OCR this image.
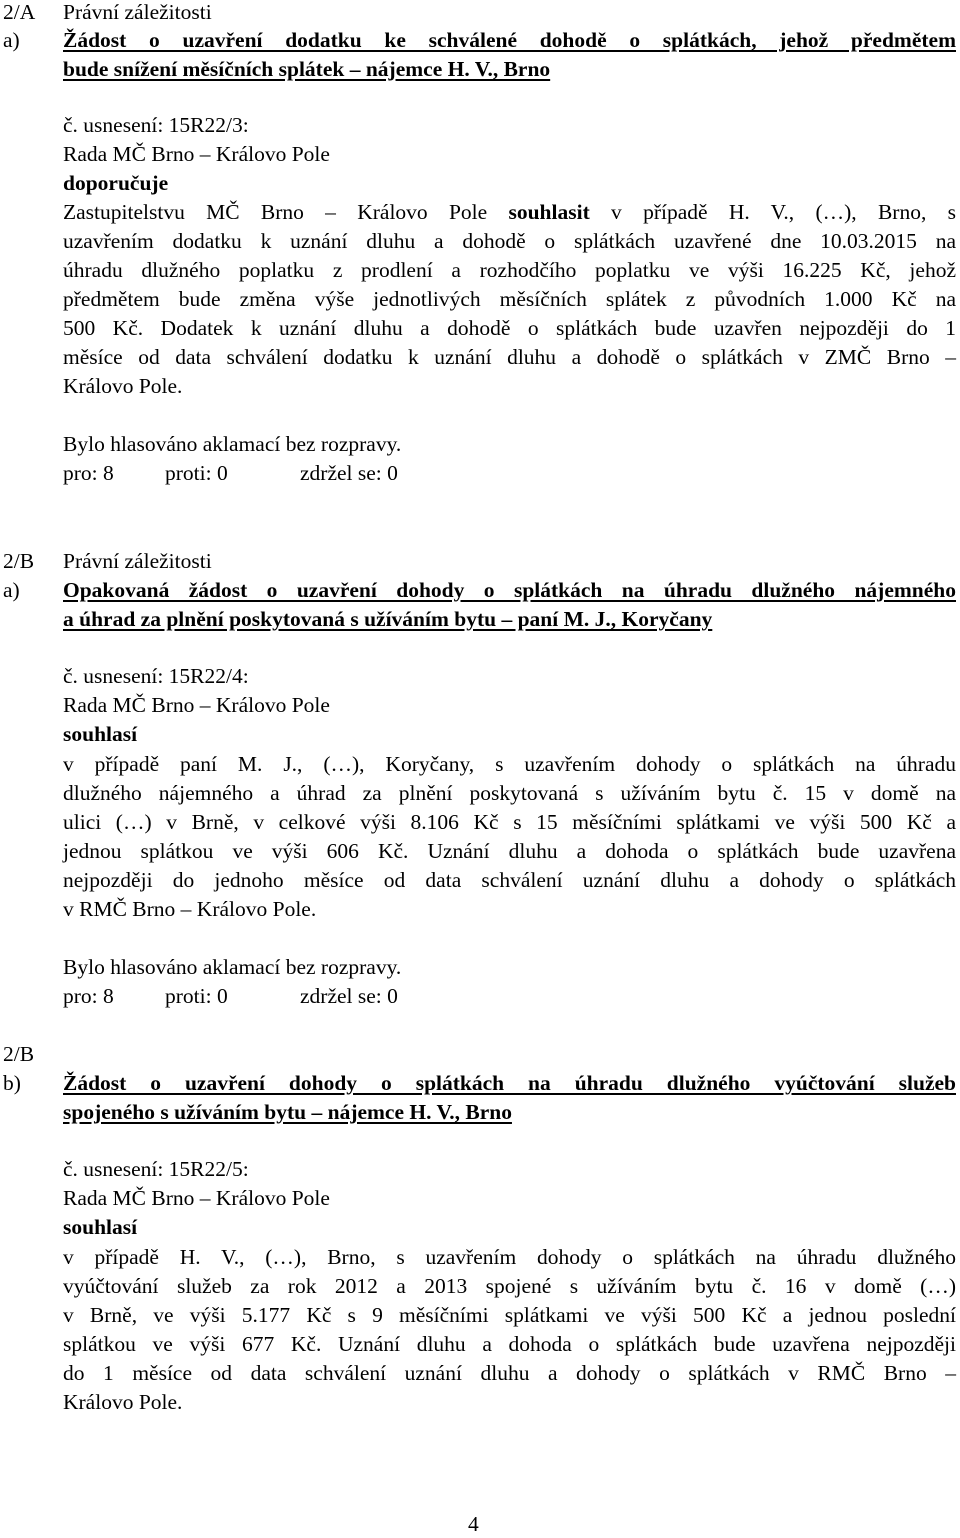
2/A Právní záležitosti
a) Žádost o uzavření dodatku ke schválené dohodě o splátkách, jehož předmětem
bude snížení měsíčních splátek – nájemce H. V., Brno
č. usnesení: 15R22/3:
Rada MČ Brno – Královo Pole
doporučuje
Zastupitelstvu MČ Brno – Královo Pole souhlasit v případě H. V., (…), Brno, s
uzavřením dodatku k uznání dluhu a dohodě o splátkách uzavřené dne 10.03.2015 na
úhradu dlužného poplatku z prodlení a rozhodčího poplatku ve výši 16.225 Kč, jehož
předmětem bude změna výše jednotlivých měsíčních splátek z původních 1.000 Kč na
500 Kč. Dodatek k uznání dluhu a dohodě o splátkách bude uzavřen nejpozději do 1
měsíce od data schválení dodatku k uznání dluhu a dohodě o splátkách v ZMČ Brno –
Královo Pole.
Bylo hlasováno aklamací bez rozpravy.
pro: 8 proti: 0	zdržel se: 0
2/B Právní záležitosti
a) Opakovaná žádost o uzavření dohody o splátkách na úhradu dlužného nájemného
a úhrad za plnění poskytovaná s užíváním bytu – paní M. J., Koryčany
č. usnesení: 15R22/4:
Rada MČ Brno – Královo Pole
souhlasí
v případě paní M. J., (…), Koryčany, s uzavřením dohody o splátkách na úhradu
dlužného nájemného a úhrad za plnění poskytovaná s užíváním bytu č. 15 v domě na
ulici (…) v Brně, v celkové výši 8.106 Kč s 15 měsíčními splátkami ve výši 500 Kč a
jednou splátkou ve výši 606 Kč. Uznání dluhu a dohoda o splátkách bude uzavřena
nejpozději do jednoho měsíce od data schválení uznání dluhu a dohody o splátkách
v RMČ Brno – Královo Pole.
Bylo hlasováno aklamací bez rozpravy.
pro: 8 proti: 0	zdržel se: 0
2/B
b) Žádost o uzavření dohody o splátkách na úhradu dlužného vyúčtování služeb
spojeného s užíváním bytu – nájemce H. V., Brno
č. usnesení: 15R22/5:
Rada MČ Brno – Královo Pole
souhlasí
v případě H. V., (…), Brno, s uzavřením dohody o splátkách na úhradu dlužného
vyúčtování služeb za rok 2012 a 2013 spojené s užíváním bytu č. 16 v domě (…)
v Brně, ve výši 5.177 Kč s 9 měsíčními splátkami ve výši 500 Kč a jednou poslední
splátkou ve výši 677 Kč. Uznání dluhu a dohoda o splátkách bude uzavřena nejpozději
do 1 měsíce od data schválení uznání dluhu a dohody o splátkách v RMČ Brno –
Královo Pole.
4
